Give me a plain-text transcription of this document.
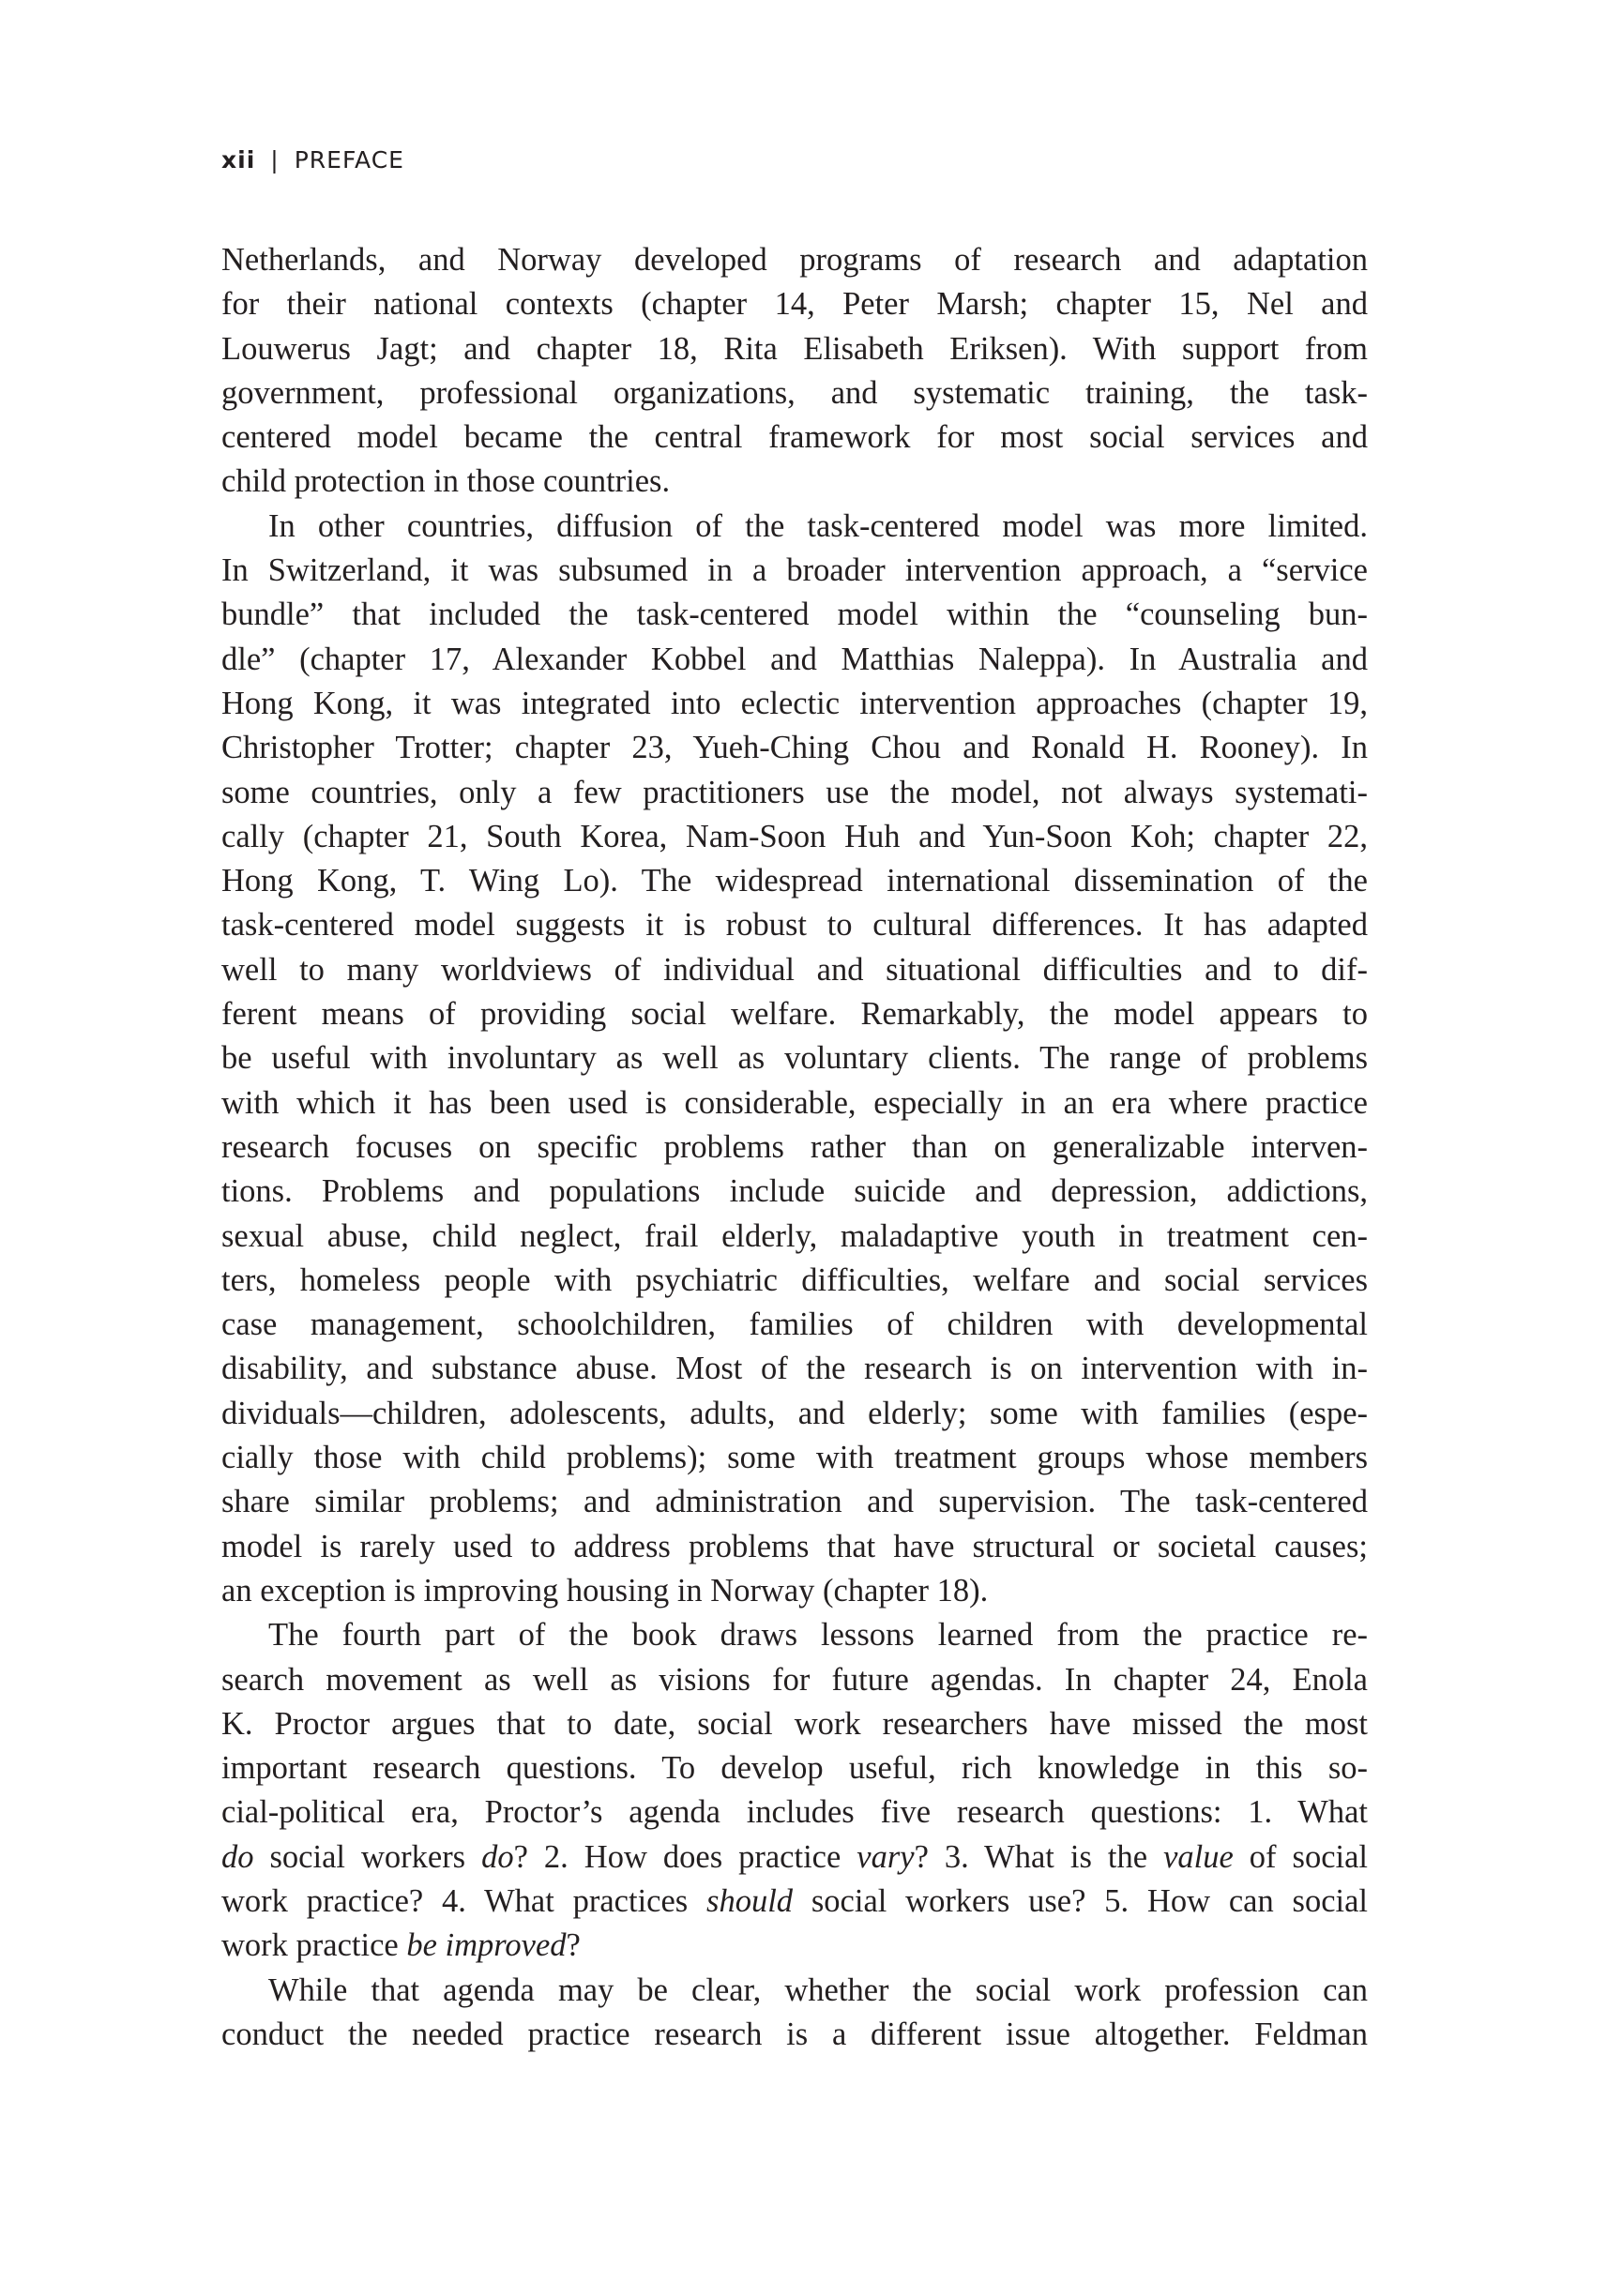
xii | PREFACE
Netherlands, and Norway developed programs of research and adaptation
for their national contexts (chapter 14, Peter Marsh; chapter 15, Nel and
Louwerus Jagt; and chapter 18, Rita Elisabeth Eriksen). With support from
government, professional organizations, and systematic training, the task-
centered model became the central framework for most social services and
child protection in those countries.
In other countries, diffusion of the task-centered model was more limited.
In Switzerland, it was subsumed in a broader intervention approach, a “service
bundle” that included the task-centered model within the “counseling bun-
dle” (chapter 17, Alexander Kobbel and Matthias Naleppa). In Australia and
Hong Kong, it was integrated into eclectic intervention approaches (chapter 19,
Christopher Trotter; chapter 23, Yueh-Ching Chou and Ronald H. Rooney). In
some countries, only a few practitioners use the model, not always systemati-
cally (chapter 21, South Korea, Nam-Soon Huh and Yun-Soon Koh; chapter 22,
Hong Kong, T. Wing Lo). The widespread international dissemination of the
task-centered model suggests it is robust to cultural differences. It has adapted
well to many worldviews of individual and situational difficulties and to dif-
ferent means of providing social welfare. Remarkably, the model appears to
be useful with involuntary as well as voluntary clients. The range of problems
with which it has been used is considerable, especially in an era where practice
research focuses on specific problems rather than on generalizable interven-
tions. Problems and populations include suicide and depression, addictions,
sexual abuse, child neglect, frail elderly, maladaptive youth in treatment cen-
ters, homeless people with psychiatric difficulties, welfare and social services
case management, schoolchildren, families of children with developmental
disability, and substance abuse. Most of the research is on intervention with in-
dividuals—children, adolescents, adults, and elderly; some with families (espe-
cially those with child problems); some with treatment groups whose members
share similar problems; and administration and supervision. The task-centered
model is rarely used to address problems that have structural or societal causes;
an exception is improving housing in Norway (chapter 18).
The fourth part of the book draws lessons learned from the practice re-
search movement as well as visions for future agendas. In chapter 24, Enola
K. Proctor argues that to date, social work researchers have missed the most
important research questions. To develop useful, rich knowledge in this so-
cial-political era, Proctor’s agenda includes five research questions: 1. What
do social workers do? 2. How does practice vary? 3. What is the value of social
work practice? 4. What practices should social workers use? 5. How can social
work practice be improved?
While that agenda may be clear, whether the social work profession can
conduct the needed practice research is a different issue altogether. Feldman
